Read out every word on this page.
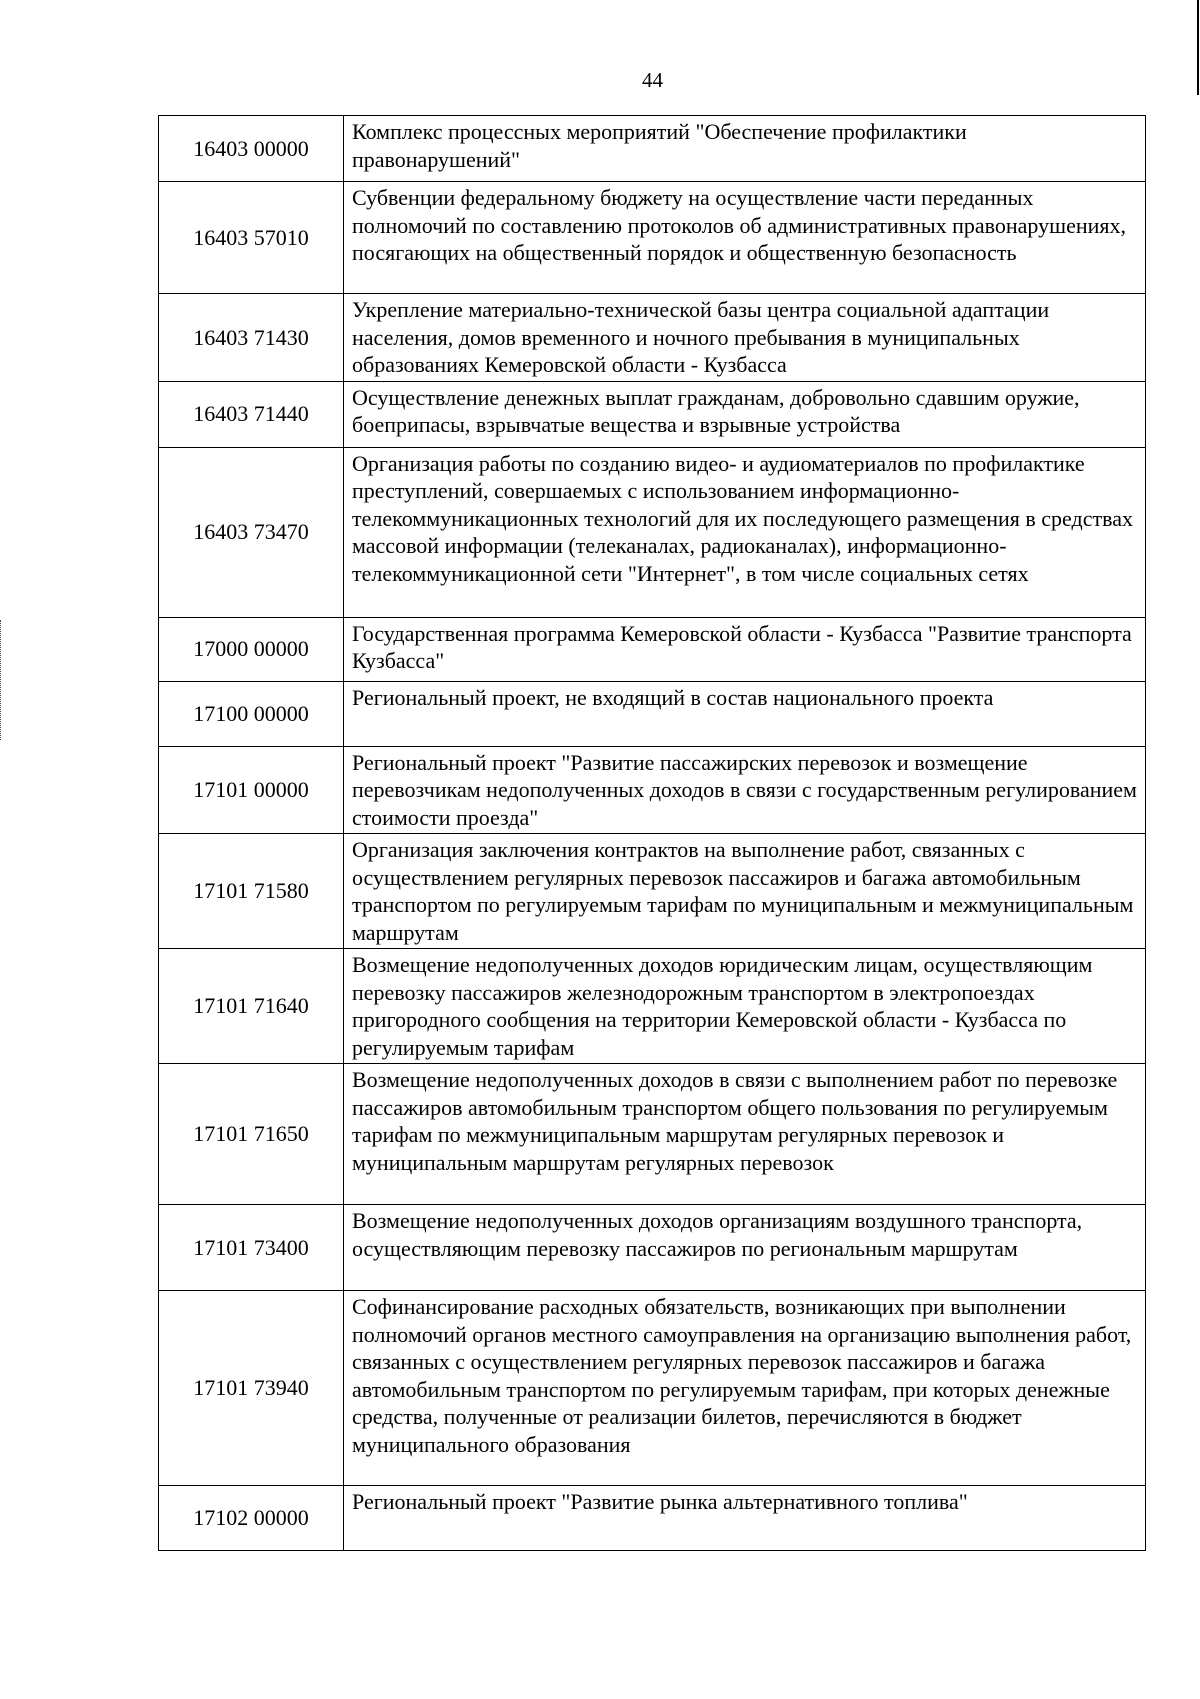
44
16403 00000	Комплекс процессных мероприятий "Обеспечение профилактики правонарушений"
16403 57010	Субвенции федеральному бюджету на осуществление части переданных полномочий по составлению протоколов об административных правонарушениях, посягающих на общественный порядок и общественную безопасность
16403 71430	Укрепление материально-технической базы центра социальной адаптации населения, домов временного и ночного пребывания в муниципальных образованиях Кемеровской области - Кузбасса
16403 71440	Осуществление денежных выплат гражданам, добровольно сдавшим оружие, боеприпасы, взрывчатые вещества и взрывные устройства
16403 73470	Организация работы по созданию видео- и аудиоматериалов по профилактике преступлений, совершаемых с использованием информационно-телекоммуникационных технологий для их последующего размещения в средствах массовой информации (телеканалах, радиоканалах), информационно-телекоммуникационной сети "Интернет", в том числе социальных сетях
17000 00000	Государственная программа Кемеровской области - Кузбасса "Развитие транспорта Кузбасса"
17100 00000	Региональный проект, не входящий в состав национального проекта
17101 00000	Региональный проект "Развитие пассажирских перевозок и возмещение перевозчикам недополученных доходов в связи с государственным регулированием стоимости проезда"
17101 71580	Организация заключения контрактов на выполнение работ, связанных с осуществлением регулярных перевозок пассажиров и багажа автомобильным транспортом по регулируемым тарифам по муниципальным и межмуниципальным маршрутам
17101 71640	Возмещение недополученных доходов юридическим лицам, осуществляющим перевозку пассажиров железнодорожным транспортом в электропоездах пригородного сообщения на территории Кемеровской области - Кузбасса по регулируемым тарифам
17101 71650	Возмещение недополученных доходов в связи с выполнением работ по перевозке пассажиров автомобильным транспортом общего пользования по регулируемым тарифам по межмуниципальным маршрутам регулярных перевозок и муниципальным маршрутам регулярных перевозок
17101 73400	Возмещение недополученных доходов организациям воздушного транспорта, осуществляющим перевозку пассажиров по региональным маршрутам
17101 73940	Софинансирование расходных обязательств, возникающих при выполнении полномочий органов местного самоуправления на организацию выполнения работ, связанных с осуществлением регулярных перевозок пассажиров и багажа автомобильным транспортом по регулируемым тарифам, при которых денежные средства, полученные от реализации билетов, перечисляются в бюджет муниципального образования
17102 00000	Региональный проект "Развитие рынка альтернативного топлива"
